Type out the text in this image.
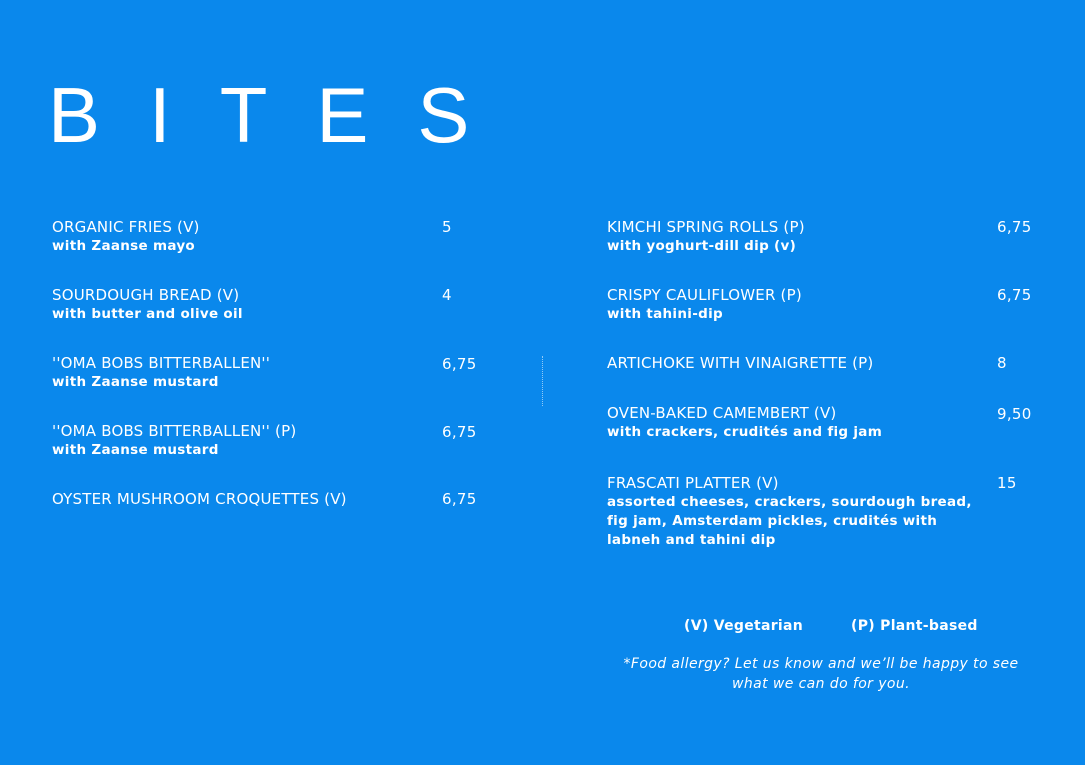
BITES
ORGANIC FRIES (V)
with Zaanse mayo
5
SOURDOUGH BREAD (V)
with butter and olive oil
4
''OMA BOBS BITTERBALLEN''
with Zaanse mustard
6,75
''OMA BOBS BITTERBALLEN'' (P)
with Zaanse mustard
6,75
OYSTER MUSHROOM CROQUETTES (V)	6,75
KIMCHI SPRING ROLLS (P)
with yoghurt-dill dip (v)
6,75
CRISPY CAULIFLOWER (P)
with tahini-dip
6,75
ARTICHOKE WITH VINAIGRETTE (P)	8
OVEN-BAKED CAMEMBERT (V)
with crackers, crudités and fig jam
9,50
FRASCATI PLATTER (V)
assorted cheeses, crackers, sourdough bread, fig jam, Amsterdam pickles, crudités with labneh and tahini dip
15
(V) Vegetarian	(P) Plant-based
*Food allergy? Let us know and we’ll be happy to see what we can do for you.
